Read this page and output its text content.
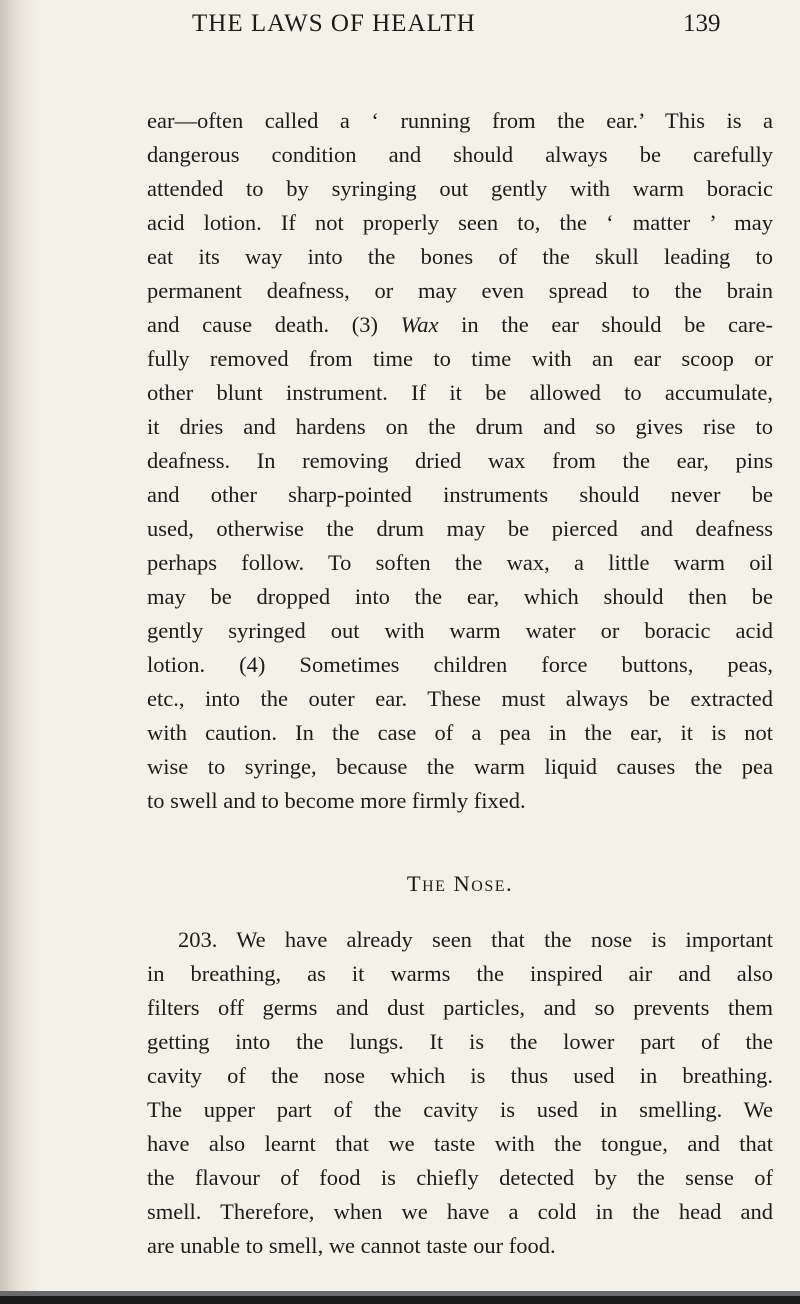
THE LAWS OF HEALTH	139
ear—often called a ‘ running from the ear.’ This is a
dangerous condition and should always be carefully
attended to by syringing out gently with warm boracic
acid lotion. If not properly seen to, the ‘ matter ’ may
eat its way into the bones of the skull leading to
permanent deafness, or may even spread to the brain
and cause death. (3) Wax in the ear should be care-
fully removed from time to time with an ear scoop or
other blunt instrument. If it be allowed to accumulate,
it dries and hardens on the drum and so gives rise to
deafness. In removing dried wax from the ear, pins
and other sharp-pointed instruments should never be
used, otherwise the drum may be pierced and deafness
perhaps follow. To soften the wax, a little warm oil
may be dropped into the ear, which should then be
gently syringed out with warm water or boracic acid
lotion. (4) Sometimes children force buttons, peas,
etc., into the outer ear. These must always be extracted
with caution. In the case of a pea in the ear, it is not
wise to syringe, because the warm liquid causes the pea
to swell and to become more firmly fixed.
The Nose.
203. We have already seen that the nose is important
in breathing, as it warms the inspired air and also
filters off germs and dust particles, and so prevents them
getting into the lungs. It is the lower part of the
cavity of the nose which is thus used in breathing.
The upper part of the cavity is used in smelling. We
have also learnt that we taste with the tongue, and that
the flavour of food is chiefly detected by the sense of
smell. Therefore, when we have a cold in the head and
are unable to smell, we cannot taste our food.
